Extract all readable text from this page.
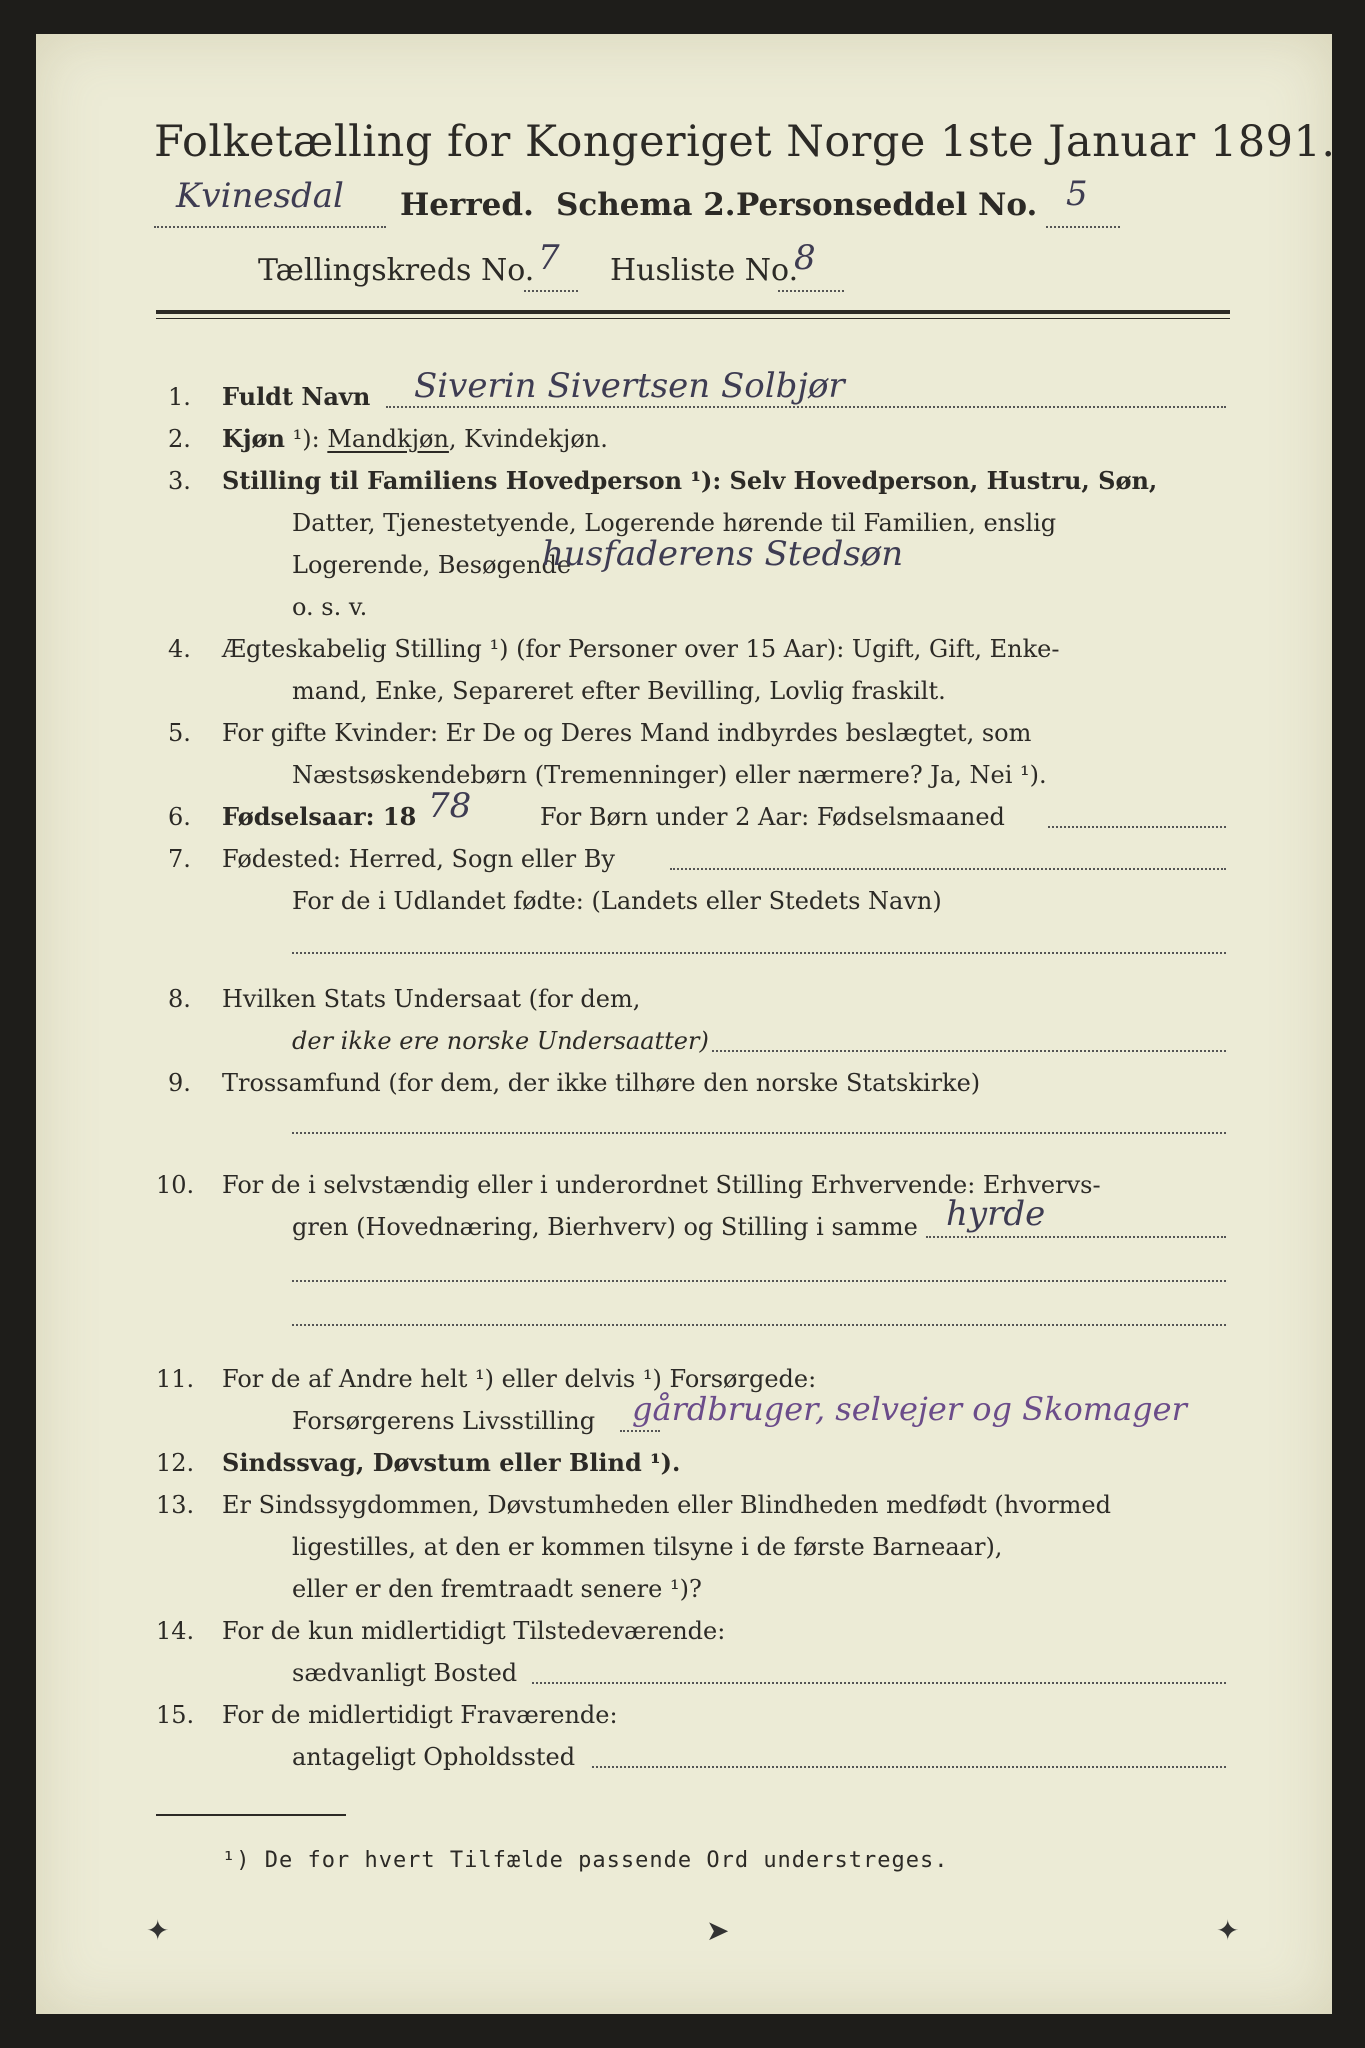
Folketælling for Kongeriget Norge 1ste Januar 1891.
Kvinesdal Herred. Schema 2. Personseddel No. 5
Tællingskreds No. 7 Husliste No.
8
1. Fuldt Navn Siverin Sivertsen Solbjør
2. Kjøn ¹): Mandkjøn, Kvindekjøn.
3. Stilling til Familiens Hovedperson ¹): Selv Hovedperson, Hustru, Søn,
Datter, Tjenestetyende, Logerende hørende til Familien, enslig
Logerende, Besøgende
husfaderens Stedsøn
o. s. v.
4. Ægteskabelig Stilling ¹) (for Personer over 15 Aar): Ugift, Gift, Enke-
mand, Enke, Separeret efter Bevilling, Lovlig fraskilt.
5. For gifte Kvinder: Er De og Deres Mand indbyrdes beslægtet, som
Næstsøskendebørn (Tremenninger) eller nærmere? Ja, Nei ¹).
6. Fødselsaar: 18 78	For Børn under 2 Aar: Fødselsmaaned
7. Fødested: Herred, Sogn eller By
For de i Udlandet fødte: (Landets eller Stedets Navn)
8. Hvilken Stats Undersaat (for dem,
der ikke ere norske Undersaatter)
9. Trossamfund (for dem, der ikke tilhøre den norske Statskirke)
10. For de i selvstændig eller i underordnet Stilling Erhvervende: Erhvervs-
gren (Hovednæring, Bierhverv) og Stilling i samme hyrde
11. For de af Andre helt ¹) eller delvis ¹) Forsørgede:
Forsørgerens Livsstilling gårdbruger, selvejer og Skomager
12. Sindssvag, Døvstum eller Blind ¹).
13. Er Sindssygdommen, Døvstumheden eller Blindheden medfødt (hvormed
ligestilles, at den er kommen tilsyne i de første Barneaar),
eller er den fremtraadt senere ¹)?
14. For de kun midlertidigt Tilstedeværende:
sædvanligt Bosted
15. For de midlertidigt Fraværende:
antageligt Opholdssted
¹) De for hvert Tilfælde passende Ord understreges.
✦	➤	✦
